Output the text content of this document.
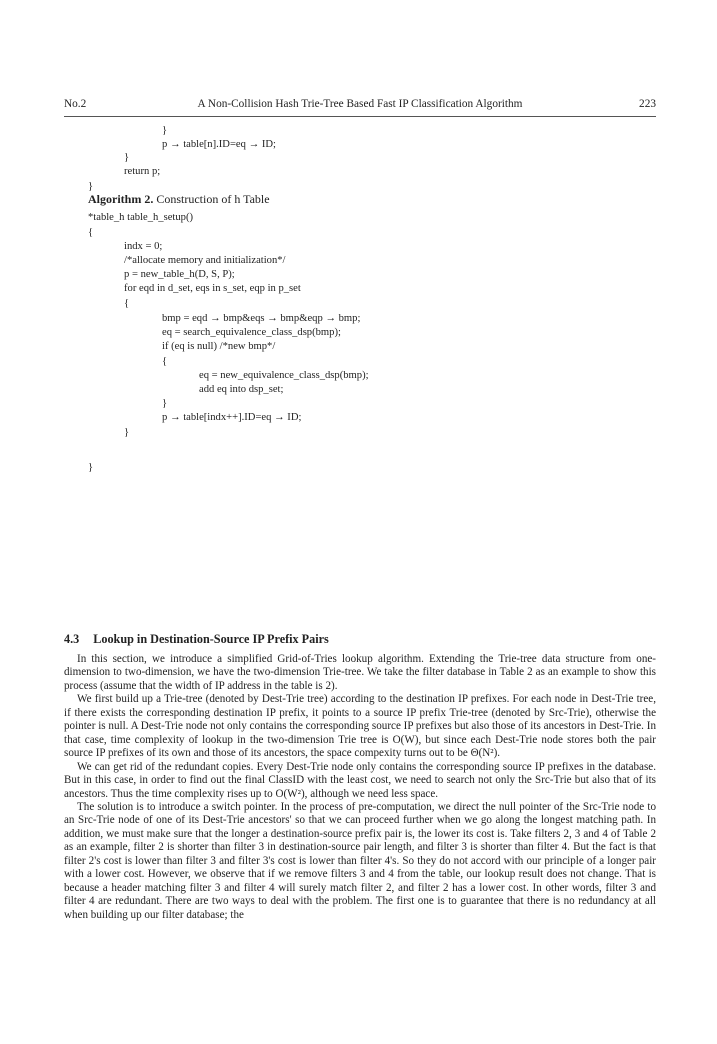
No.2	A Non-Collision Hash Trie-Tree Based Fast IP Classification Algorithm	223
}
p → table[n].ID=eq → ID;
}
return p;
}
Algorithm 2. Construction of h Table
*table_h table_h_setup()
{
indx = 0;
/*allocate memory and initialization*/
p = new_table_h(D, S, P);
for eqd in d_set, eqs in s_set, eqp in p_set
{
bmp = eqd → bmp&eqs → bmp&eqp → bmp;
eq = search_equivalence_class_dsp(bmp);
if (eq is null) /*new bmp*/
{
eq = new_equivalence_class_dsp(bmp);
add eq into dsp_set;
}
p → table[indx++].ID=eq → ID;
}
}
4.3 Lookup in Destination-Source IP Prefix Pairs

In this section, we introduce a simplified Grid-of-Tries lookup algorithm. Extending the Trie-tree data structure from one-dimension to two-dimension, we have the two-dimension Trie-tree. We take the filter database in Table 2 as an example to show this process (assume that the width of IP address in the table is 2).

We first build up a Trie-tree (denoted by Dest-Trie tree) according to the destination IP prefixes. For each node in Dest-Trie tree, if there exists the corresponding destination IP prefix, it points to a source IP prefix Trie-tree (denoted by Src-Trie), otherwise the pointer is null. A Dest-Trie node not only contains the corresponding source IP prefixes but also those of its ancestors in Dest-Trie. In that case, time complexity of lookup in the two-dimension Trie tree is O(W), but since each Dest-Trie node stores both the pair source IP prefixes of its own and those of its ancestors, the space compexity turns out to be Θ(N²).

We can get rid of the redundant copies. Every Dest-Trie node only contains the corresponding source IP prefixes in the database. But in this case, in order to find out the final ClassID with the least cost, we need to search not only the Src-Trie but also that of its ancestors. Thus the time complexity rises up to O(W²), although we need less space.

The solution is to introduce a switch pointer. In the process of pre-computation, we direct the null pointer of the Src-Trie node to an Src-Trie node of one of its Dest-Trie ancestors' so that we can proceed further when we go along the longest matching path. In addition, we must make sure that the longer a destination-source prefix pair is, the lower its cost is. Take filters 2, 3 and 4 of Table 2 as an example, filter 2 is shorter than filter 3 in destination-source pair length, and filter 3 is shorter than filter 4. But the fact is that filter 2's cost is lower than filter 3 and filter 3's cost is lower than filter 4's. So they do not accord with our principle of a longer pair with a lower cost. However, we observe that if we remove filters 3 and 4 from the table, our lookup result does not change. That is because a header matching filter 3 and filter 4 will surely match filter 2, and filter 2 has a lower cost. In other words, filter 3 and filter 4 are redundant. There are two ways to deal with the problem. The first one is to guarantee that there is no redundancy at all when building up our filter database; the
